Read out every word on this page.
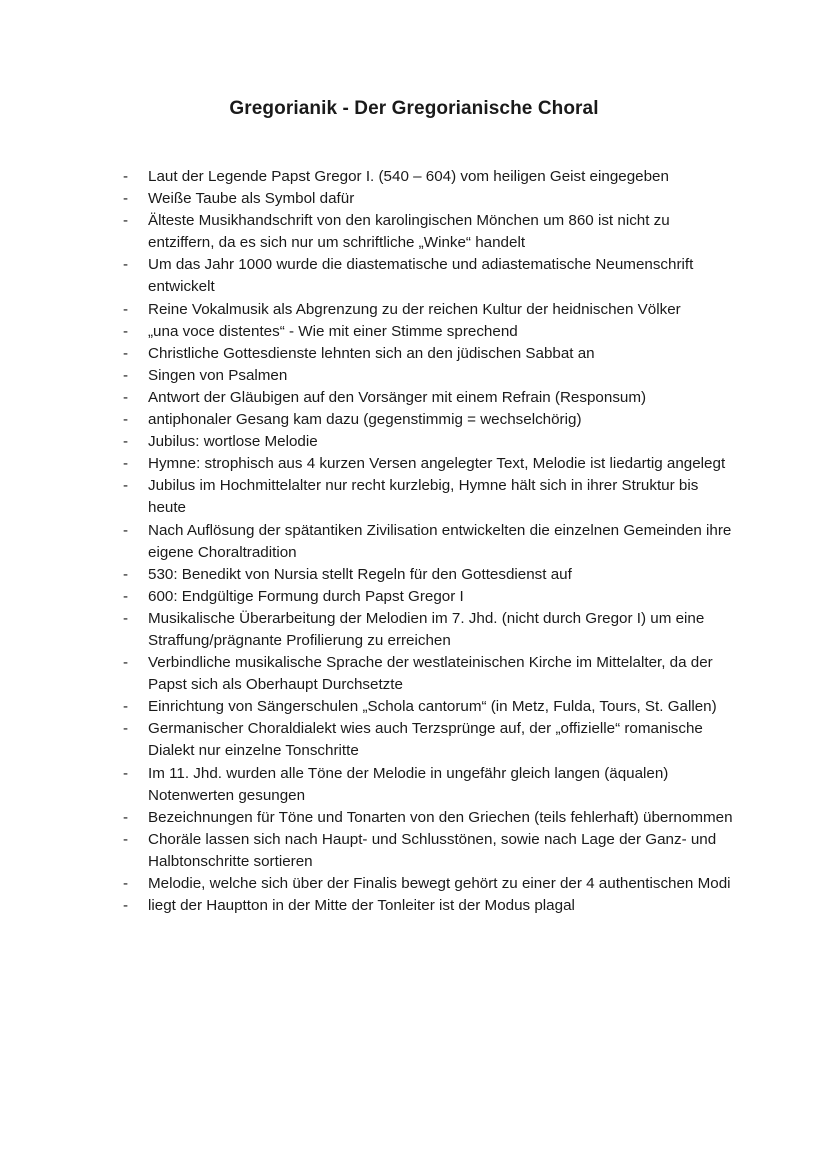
Gregorianik - Der Gregorianische Choral
- Laut der Legende Papst Gregor I. (540 – 604) vom heiligen Geist eingegeben
- Weiße Taube als Symbol dafür
- Älteste Musikhandschrift von den karolingischen Mönchen um 860 ist nicht zu entziffern, da es sich nur um schriftliche „Winke“ handelt
- Um das Jahr 1000 wurde die diastematische und adiastematische Neumenschrift entwickelt
- Reine Vokalmusik als Abgrenzung zu der reichen Kultur der heidnischen Völker
- „una voce distentes“ - Wie mit einer Stimme sprechend
- Christliche Gottesdienste lehnten sich an den jüdischen Sabbat an
- Singen von Psalmen
- Antwort der Gläubigen auf den Vorsänger mit einem Refrain (Responsum)
- antiphonaler Gesang kam dazu (gegenstimmig = wechselchörig)
- Jubilus: wortlose Melodie
- Hymne: strophisch aus 4 kurzen Versen angelegter Text, Melodie ist liedartig angelegt
- Jubilus im Hochmittelalter nur recht kurzlebig, Hymne hält sich in ihrer Struktur bis heute
- Nach Auflösung der spätantiken Zivilisation entwickelten die einzelnen Gemeinden ihre eigene Choraltradition
- 530: Benedikt von Nursia stellt Regeln für den Gottesdienst auf
- 600: Endgültige Formung durch Papst Gregor I
- Musikalische Überarbeitung der Melodien im 7. Jhd. (nicht durch Gregor I) um eine Straffung/prägnante Profilierung zu erreichen
- Verbindliche musikalische Sprache der westlateinischen Kirche im Mittelalter, da der Papst sich als Oberhaupt Durchsetzte
- Einrichtung von Sängerschulen „Schola cantorum“ (in Metz, Fulda, Tours, St. Gallen)
- Germanischer Choraldialekt wies auch Terzsprünge auf, der „offizielle“ romanische Dialekt nur einzelne Tonschritte
- Im 11. Jhd. wurden alle Töne der Melodie in ungefähr gleich langen (äqualen) Notenwerten gesungen
- Bezeichnungen für Töne und Tonarten von den Griechen (teils fehlerhaft) übernommen
- Choräle lassen sich nach Haupt- und Schlusstönen, sowie nach Lage der Ganz- und Halbtonschritte sortieren
- Melodie, welche sich über der Finalis bewegt gehört zu einer der 4 authentischen Modi
- liegt der Hauptton in der Mitte der Tonleiter ist der Modus plagal
